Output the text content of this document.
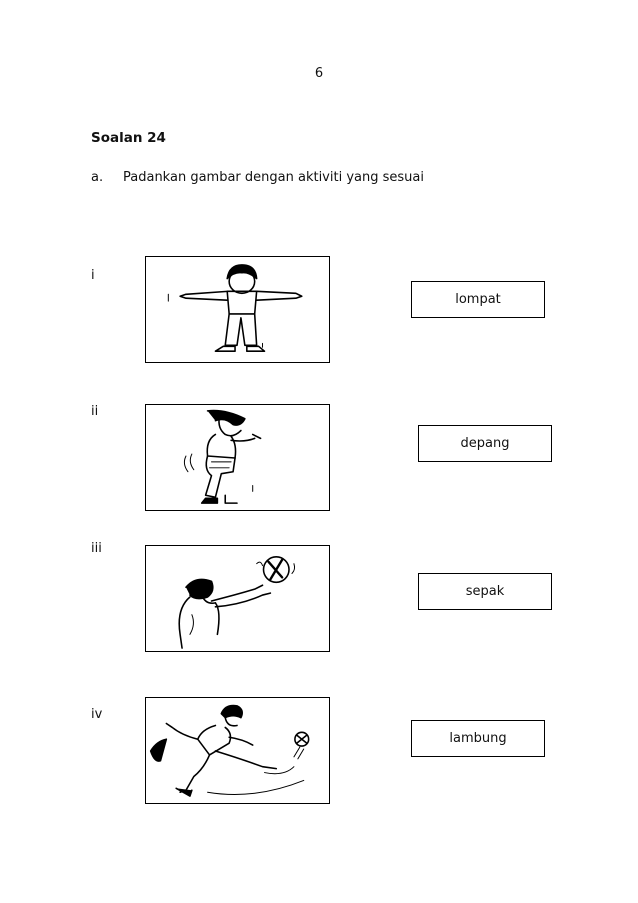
6
Soalan 24
a. Padankan gambar dengan aktiviti yang sesuai
i
lompat
ii
depang
iii
sepak
iv
lambung
